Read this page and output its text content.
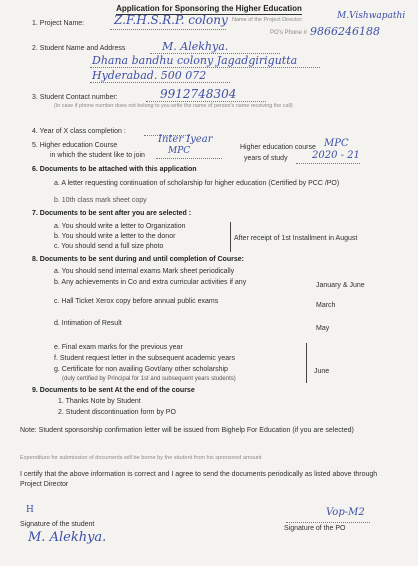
Application for Sponsoring the Higher Education
1. Project Name: Z.F.H.S.R.P. colony Name of the Project Director:	M.Vishwapathi
PO's Phone # 9866246188
2. Student Name and Address	M. Alekhya.
Dhana bandhu colony Jagadgirigutta
Hyderabad. 500 072
3. Student Contact number:	9912748304
(In case if phone number does not belong to you write the name of person's name receiving the call)
4. Year of X class completion :
5. Higher education Course
Inter Iyear
MPC
in which the student like to join
Higher education course MPC
years of study 2020 - 21
6. Documents to be attached with this application
a. A letter requesting continuation of scholarship for higher education (Certified by PCC /PO)
b. 10th class mark sheet copy
7. Documents to be sent after you are selected :
a. You should write a letter to Organization
b. You should write a letter to the donor
c. You should send a full size photo
After receipt of 1st Installment in August
8. Documents to be sent during and until completion of Course:
a. You should send internal exams Mark sheet periodically
b. Any achievements in Co and extra curricular activities if any	January & June
c. Hall Ticket Xerox copy before annual public exams
March
d. Intimation of Result
May
e. Final exam marks for the previous year
f. Student request letter in the subsequent academic years
g. Certificate for non availing Govt/any other scholarship
(duly certified by Principal for 1st and subsequent years students)
June
9. Documents to be sent At the end of the course
1. Thanks Note by Student
2. Student discontinuation form by PO
Note: Student sponsorship confirmation letter will be issued from Bighelp For Education (if you are selected)
Expenditure for submission of documents will be borne by the student from his sponsored amount
I certify that the above information is correct and I agree to send the documents periodically as listed above through Project Director
H
Signature of the student
M. Alekhya.
Vop-M2
Signature of the PO
